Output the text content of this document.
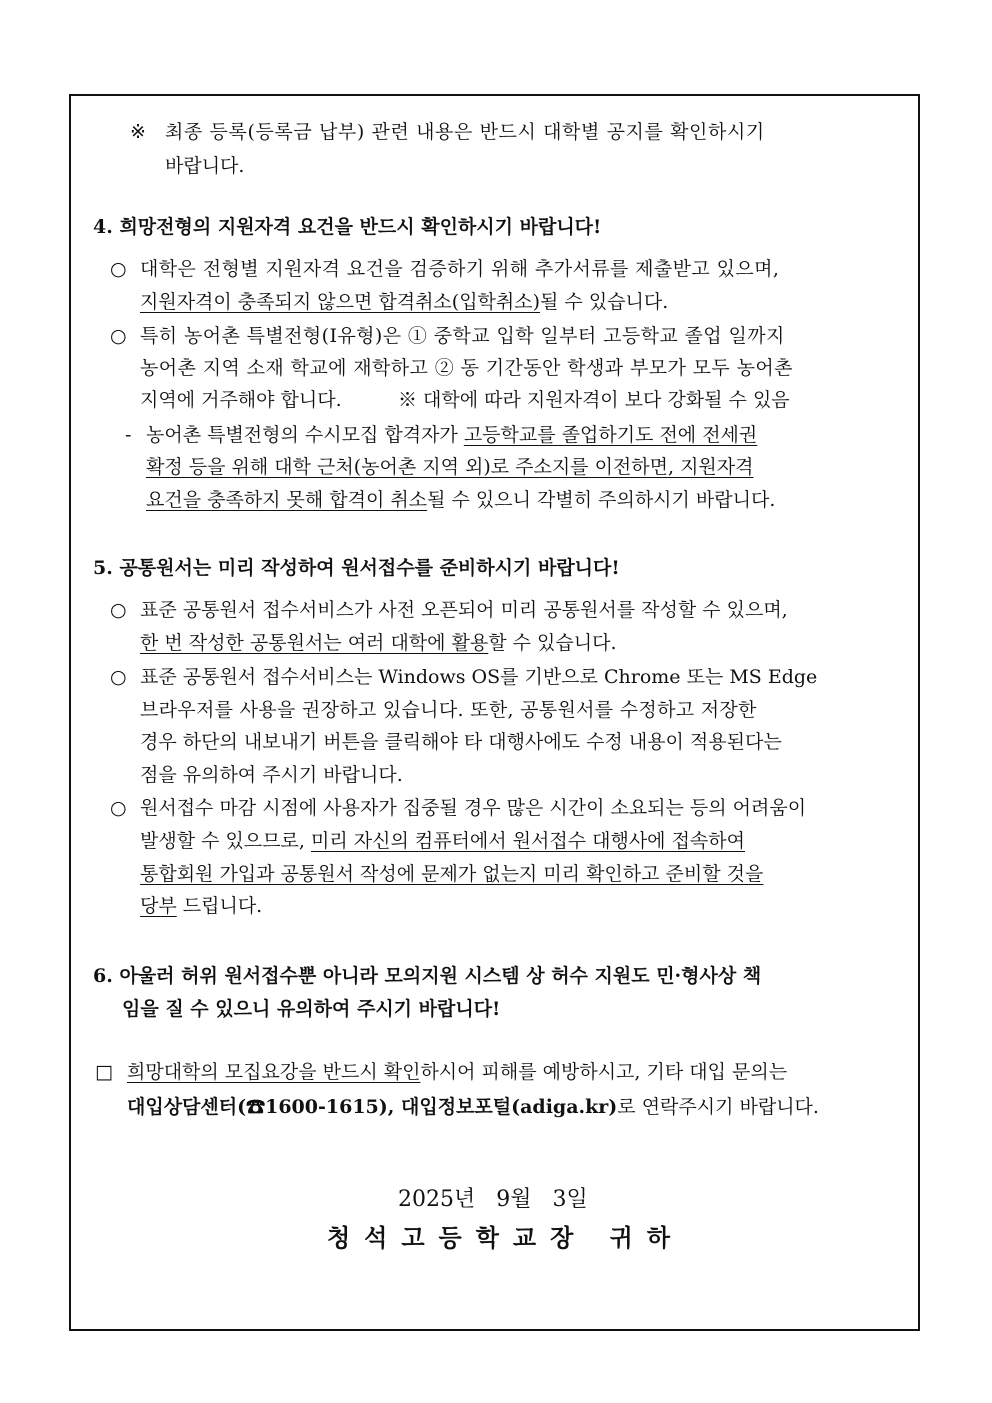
※ 최종 등록(등록금 납부) 관련 내용은 반드시 대학별 공지를 확인하시기
바랍니다.
4. 희망전형의 지원자격 요건을 반드시 확인하시기 바랍니다!
○ 대학은 전형별 지원자격 요건을 검증하기 위해 추가서류를 제출받고 있으며,
지원자격이 충족되지 않으면 합격취소(입학취소)될 수 있습니다.
○ 특히 농어촌 특별전형(I유형)은 ① 중학교 입학 일부터 고등학교 졸업 일까지
농어촌 지역 소재 학교에 재학하고 ② 동 기간동안 학생과 부모가 모두 농어촌
지역에 거주해야 합니다.	※ 대학에 따라 지원자격이 보다 강화될 수 있음
- 농어촌 특별전형의 수시모집 합격자가 고등학교를 졸업하기도 전에 전세권
확정 등을 위해 대학 근처(농어촌 지역 외)로 주소지를 이전하면, 지원자격
요건을 충족하지 못해 합격이 취소될 수 있으니 각별히 주의하시기 바랍니다.
5. 공통원서는 미리 작성하여 원서접수를 준비하시기 바랍니다!
○ 표준 공통원서 접수서비스가 사전 오픈되어 미리 공통원서를 작성할 수 있으며,
한 번 작성한 공통원서는 여러 대학에 활용할 수 있습니다.
○ 표준 공통원서 접수서비스는 Windows OS를 기반으로 Chrome 또는 MS Edge
브라우저를 사용을 권장하고 있습니다. 또한, 공통원서를 수정하고 저장한
경우 하단의 내보내기 버튼을 클릭해야 타 대행사에도 수정 내용이 적용된다는
점을 유의하여 주시기 바랍니다.
○ 원서접수 마감 시점에 사용자가 집중될 경우 많은 시간이 소요되는 등의 어려움이
발생할 수 있으므로, 미리 자신의 컴퓨터에서 원서접수 대행사에 접속하여
통합회원 가입과 공통원서 작성에 문제가 없는지 미리 확인하고 준비할 것을
당부 드립니다.
6. 아울러 허위 원서접수뿐 아니라 모의지원 시스템 상 허수 지원도 민·형사상 책
임을 질 수 있으니 유의하여 주시기 바랍니다!
□ 희망대학의 모집요강을 반드시 확인하시어 피해를 예방하시고, 기타 대입 문의는
대입상담센터(☎1600-1615), 대입정보포털(adiga.kr)로 연락주시기 바랍니다.
2025년 9월 3일
청석고등학교장 귀하
